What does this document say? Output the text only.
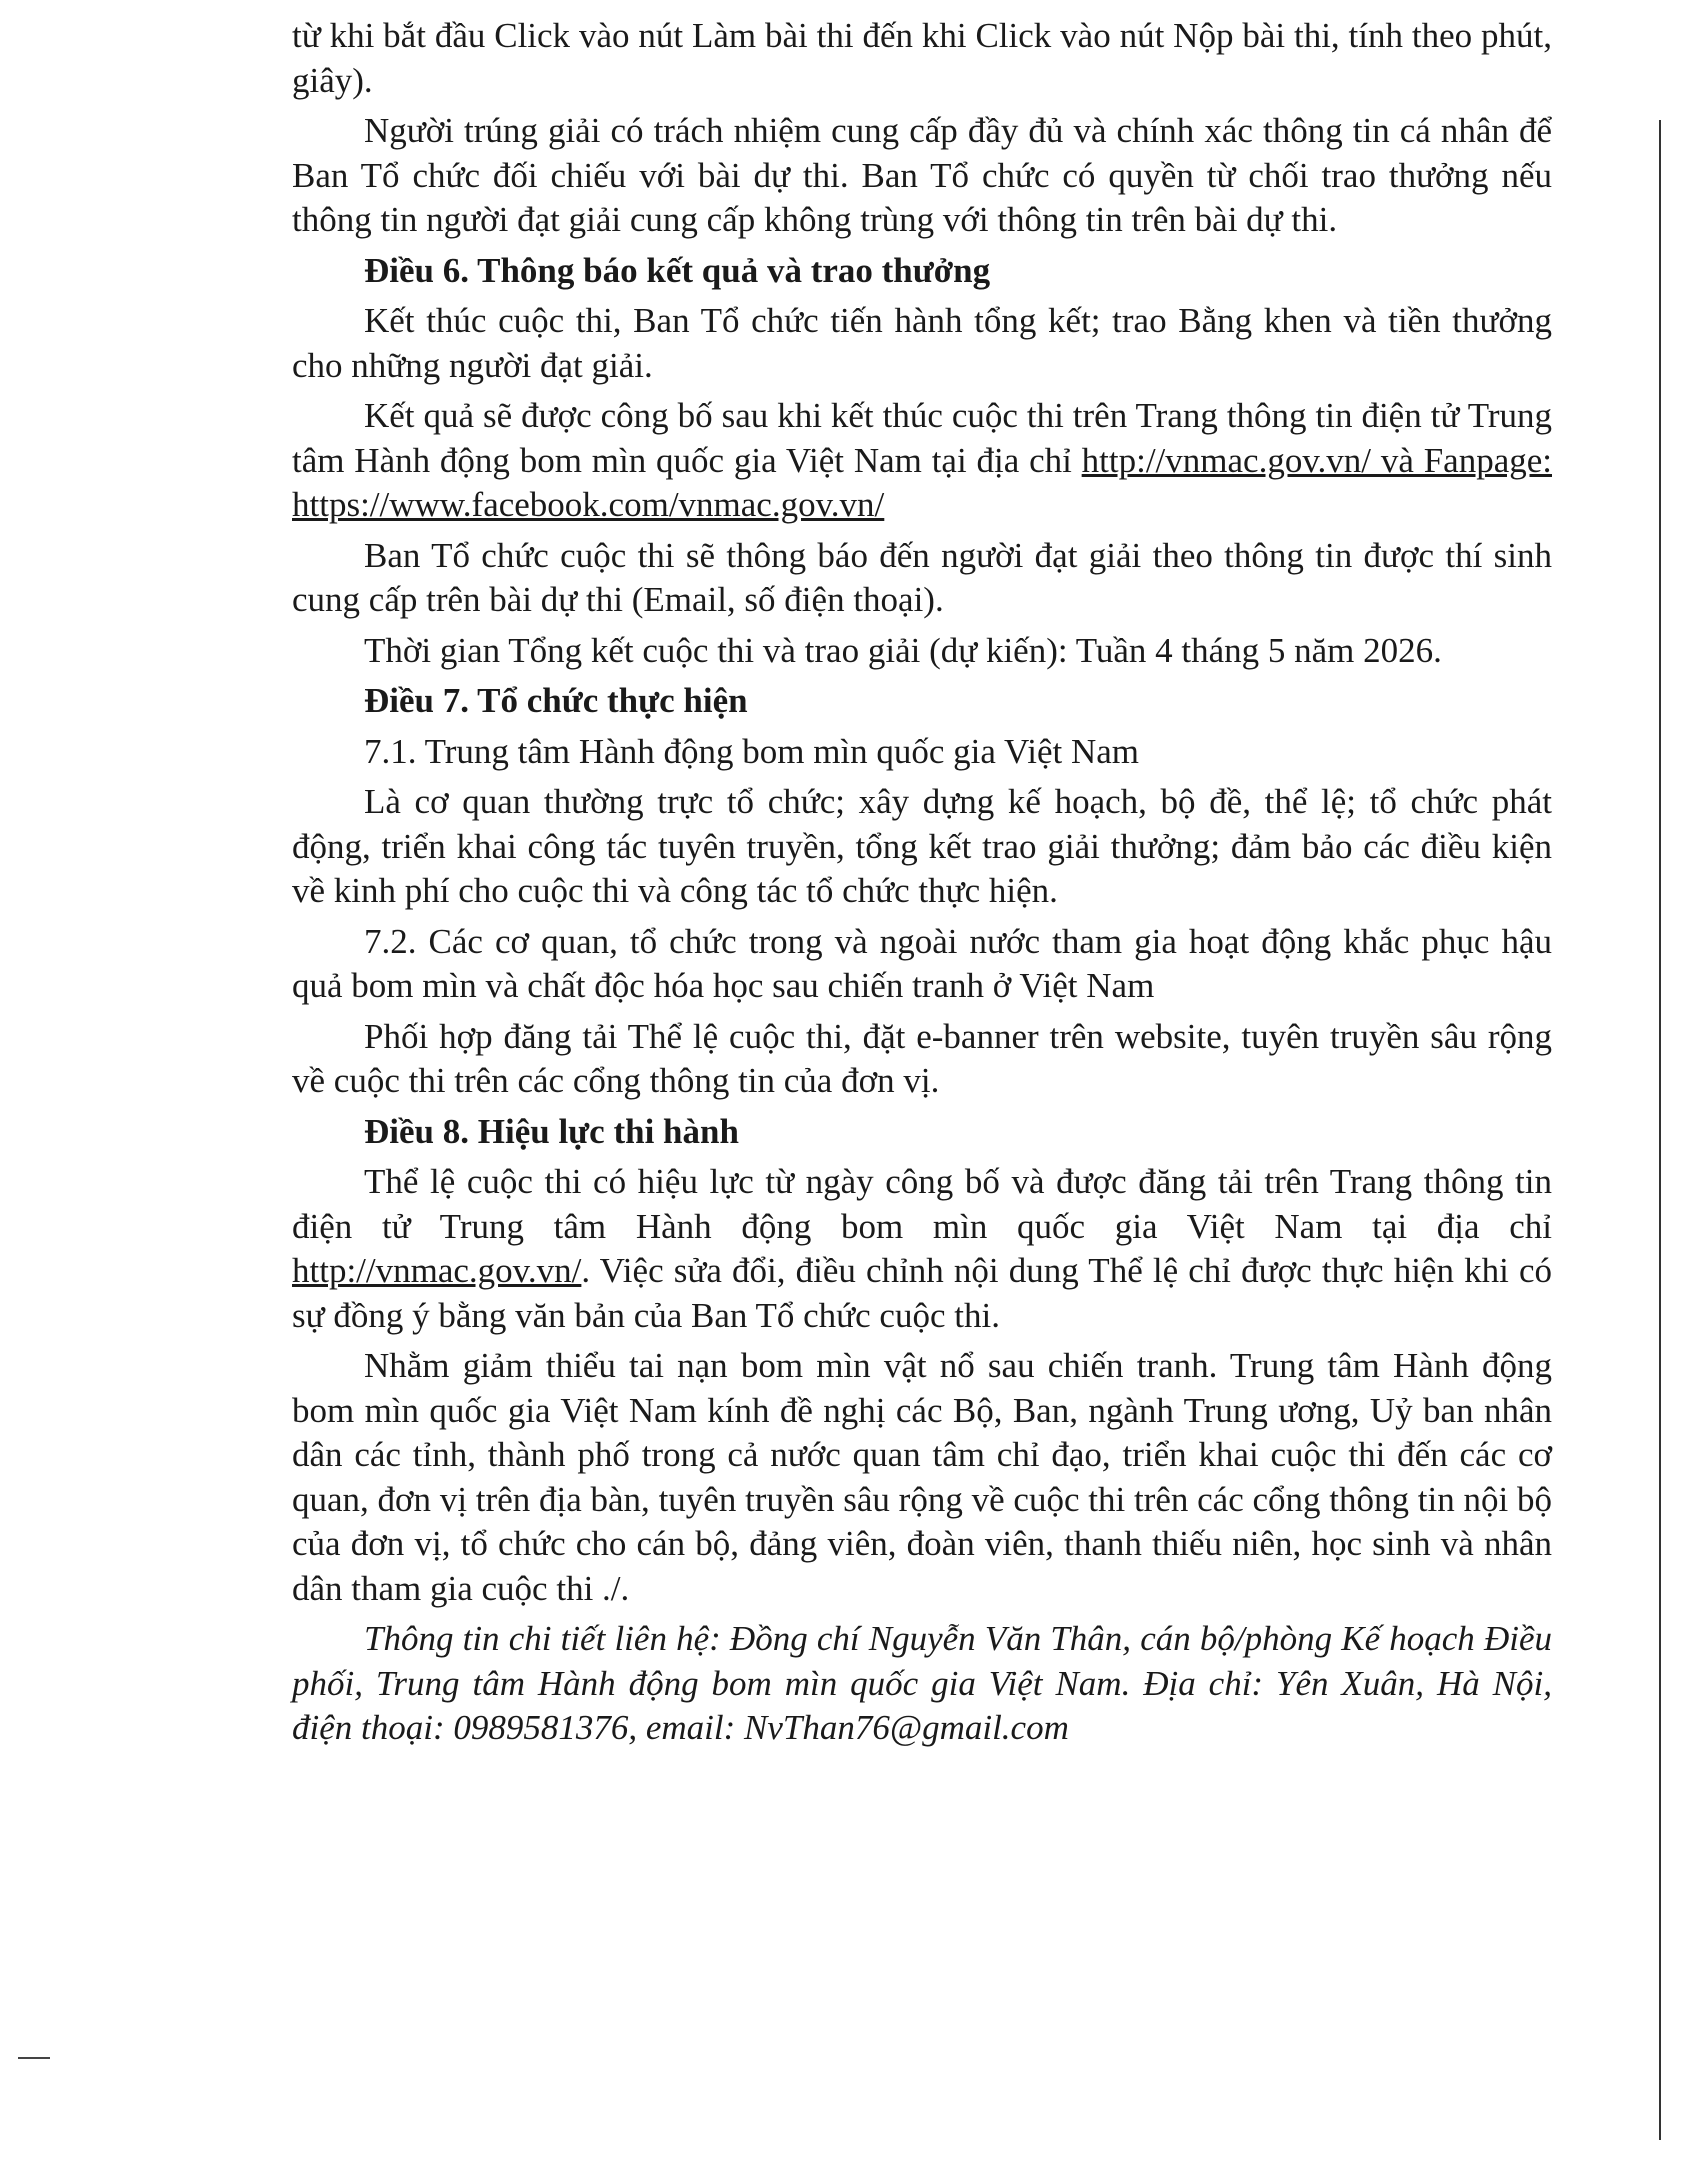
từ khi bắt đầu Click vào nút Làm bài thi đến khi Click vào nút Nộp bài thi, tính theo phút, giây).

Người trúng giải có trách nhiệm cung cấp đầy đủ và chính xác thông tin cá nhân để Ban Tổ chức đối chiếu với bài dự thi. Ban Tổ chức có quyền từ chối trao thưởng nếu thông tin người đạt giải cung cấp không trùng với thông tin trên bài dự thi.

Điều 6. Thông báo kết quả và trao thưởng

Kết thúc cuộc thi, Ban Tổ chức tiến hành tổng kết; trao Bằng khen và tiền thưởng cho những người đạt giải.

Kết quả sẽ được công bố sau khi kết thúc cuộc thi trên Trang thông tin điện tử Trung tâm Hành động bom mìn quốc gia Việt Nam tại địa chỉ http://vnmac.gov.vn/ và Fanpage: https://www.facebook.com/vnmac.gov.vn/

Ban Tổ chức cuộc thi sẽ thông báo đến người đạt giải theo thông tin được thí sinh cung cấp trên bài dự thi (Email, số điện thoại).

Thời gian Tổng kết cuộc thi và trao giải (dự kiến): Tuần 4 tháng 5 năm 2026.

Điều 7. Tổ chức thực hiện

7.1. Trung tâm Hành động bom mìn quốc gia Việt Nam

Là cơ quan thường trực tổ chức; xây dựng kế hoạch, bộ đề, thể lệ; tổ chức phát động, triển khai công tác tuyên truyền, tổng kết trao giải thưởng; đảm bảo các điều kiện về kinh phí cho cuộc thi và công tác tổ chức thực hiện.

7.2. Các cơ quan, tổ chức trong và ngoài nước tham gia hoạt động khắc phục hậu quả bom mìn và chất độc hóa học sau chiến tranh ở Việt Nam

Phối hợp đăng tải Thể lệ cuộc thi, đặt e-banner trên website, tuyên truyền sâu rộng về cuộc thi trên các cổng thông tin của đơn vị.

Điều 8. Hiệu lực thi hành

Thể lệ cuộc thi có hiệu lực từ ngày công bố và được đăng tải trên Trang thông tin điện tử Trung tâm Hành động bom mìn quốc gia Việt Nam tại địa chỉ http://vnmac.gov.vn/. Việc sửa đổi, điều chỉnh nội dung Thể lệ chỉ được thực hiện khi có sự đồng ý bằng văn bản của Ban Tổ chức cuộc thi.

Nhằm giảm thiểu tai nạn bom mìn vật nổ sau chiến tranh. Trung tâm Hành động bom mìn quốc gia Việt Nam kính đề nghị các Bộ, Ban, ngành Trung ương, Uỷ ban nhân dân các tỉnh, thành phố trong cả nước quan tâm chỉ đạo, triển khai cuộc thi đến các cơ quan, đơn vị trên địa bàn, tuyên truyền sâu rộng về cuộc thi trên các cổng thông tin nội bộ của đơn vị, tổ chức cho cán bộ, đảng viên, đoàn viên, thanh thiếu niên, học sinh và nhân dân tham gia cuộc thi ./.

Thông tin chi tiết liên hệ: Đồng chí Nguyễn Văn Thân, cán bộ/phòng Kế hoạch Điều phối, Trung tâm Hành động bom mìn quốc gia Việt Nam. Địa chỉ: Yên Xuân, Hà Nội, điện thoại: 0989581376, email: NvThan76@gmail.com
